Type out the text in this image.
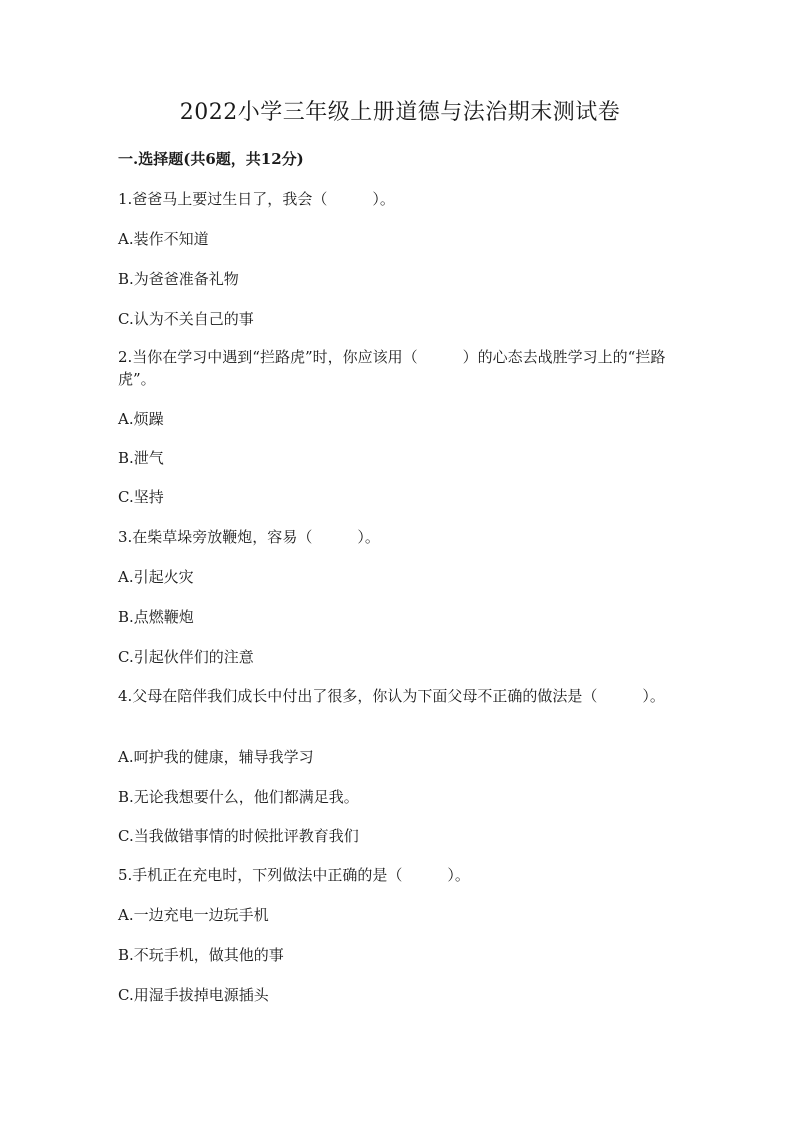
2022小学三年级上册道德与法治期末测试卷
一.选择题(共6题，共12分)
1.爸爸马上要过生日了，我会（　　　）。
A.装作不知道
B.为爸爸准备礼物
C.认为不关自己的事
2.当你在学习中遇到“拦路虎”时，你应该用（　　　）的心态去战胜学习上的“拦路虎”。
A.烦躁
B.泄气
C.坚持
3.在柴草垛旁放鞭炮，容易（　　　）。
A.引起火灾
B.点燃鞭炮
C.引起伙伴们的注意
4.父母在陪伴我们成长中付出了很多，你认为下面父母不正确的做法是（　　　）。
A.呵护我的健康，辅导我学习
B.无论我想要什么，他们都满足我。
C.当我做错事情的时候批评教育我们
5.手机正在充电时，下列做法中正确的是（　　　）。
A.一边充电一边玩手机
B.不玩手机，做其他的事
C.用湿手拔掉电源插头
